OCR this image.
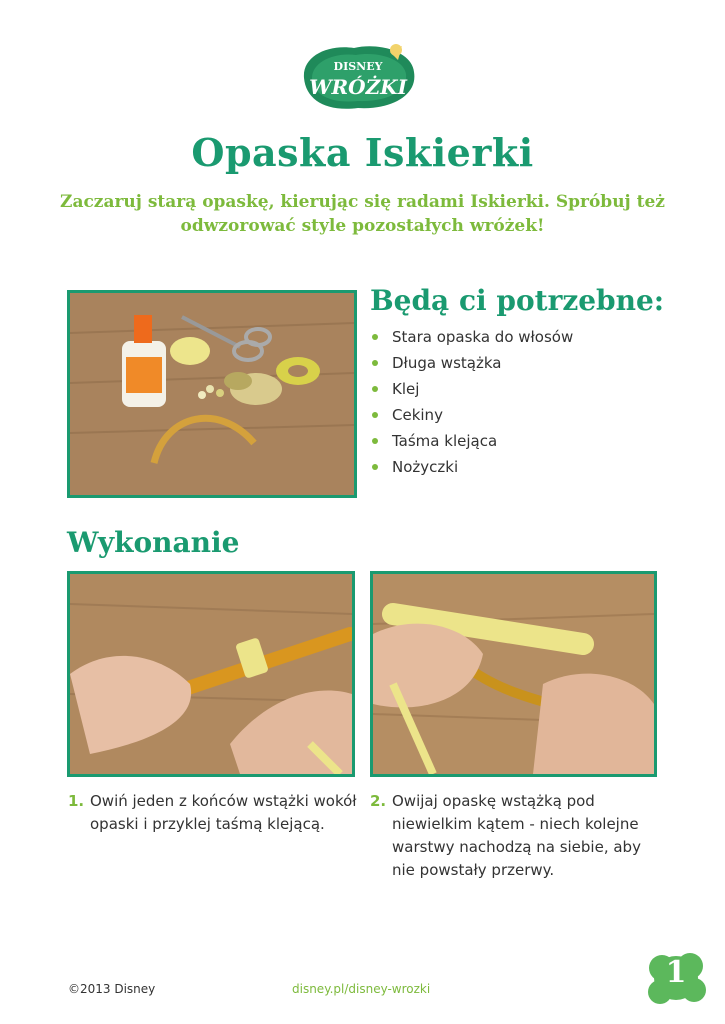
DISNEY
WRÓŻKI
Opaska Iskierki

Zaczaruj starą opaskę, kierując się radami Iskierki. Spróbuj też odwzorować style pozostałych wróżek!

Będą ci potrzebne:
Stara opaska do włosów
Długa wstążka
Klej
Cekiny
Taśma klejąca
Nożyczki
Wykonanie
1. Owiń jeden z końców wstążki wokół opaski i przyklej taśmą klejącą.
2. Owijaj opaskę wstążką pod niewielkim kątem - niech kolejne warstwy nachodzą na siebie, aby nie powstały przerwy.
©2013 Disney	disney.pl/disney-wrozki	1
